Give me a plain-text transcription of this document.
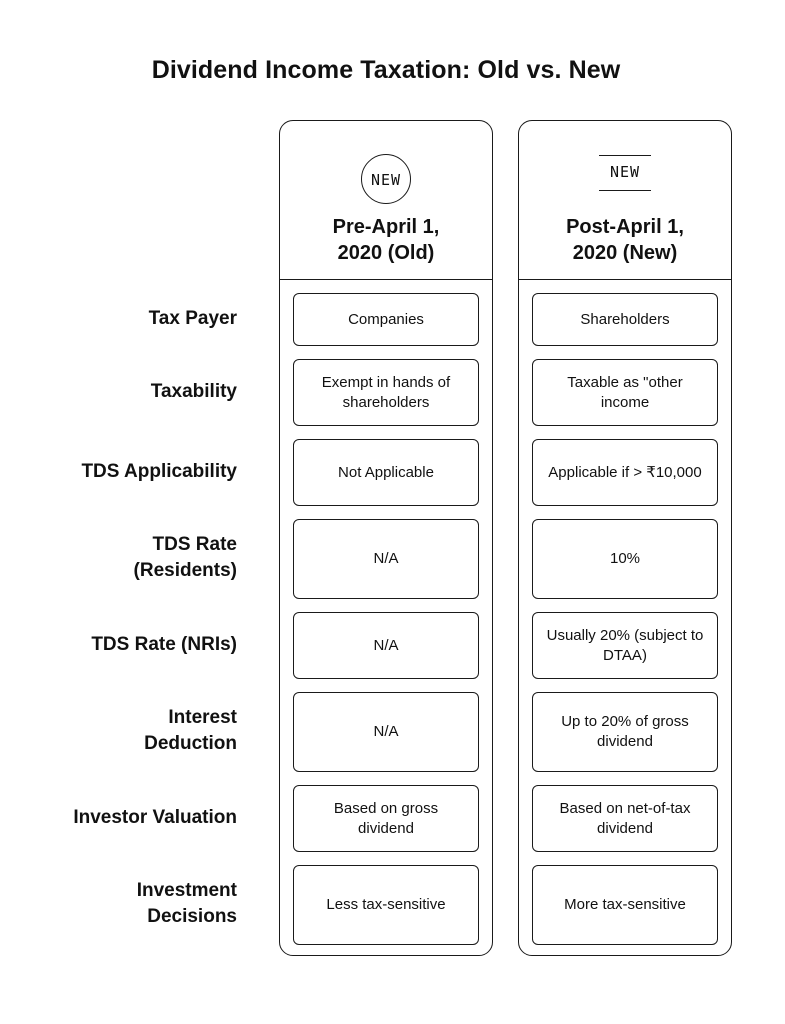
Dividend Income Taxation: Old vs. New
NEW
Pre-April 1,
2020 (Old)
Companies
Exempt in hands of shareholders
Not Applicable
N/A
N/A
N/A
Based on gross dividend
Less tax-sensitive
NEW
Post-April 1,
2020 (New)
Shareholders
Taxable as "other income
Applicable if > ₹10,000
10%
Usually 20% (subject to DTAA)
Up to 20% of gross dividend
Based on net-of-tax dividend
More tax-sensitive
Tax Payer
Taxability
TDS Applicability
TDS Rate (Residents)
TDS Rate (NRIs)
Interest Deduction
Investor Valuation
Investment Decisions
